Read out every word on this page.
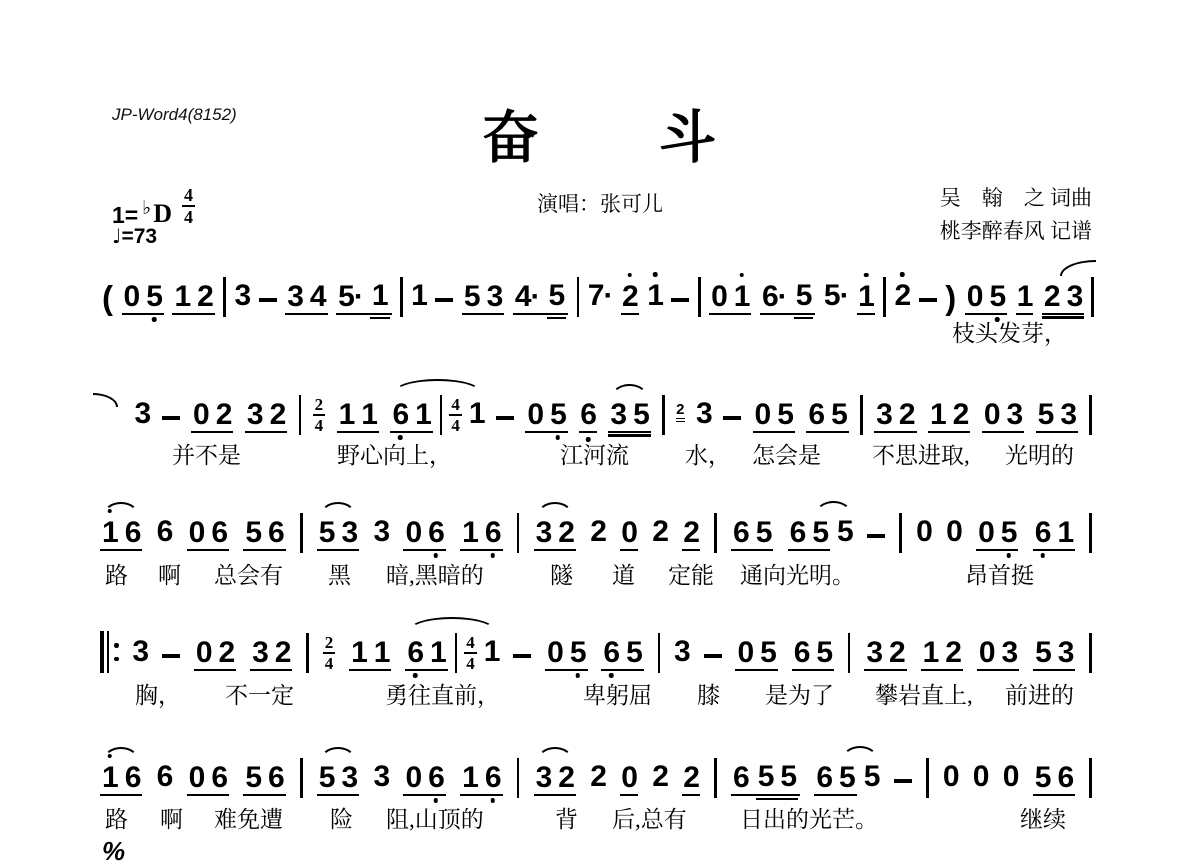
JP-Word4(8152)	奋　　斗
演唱：张可儿	吴　翰　之 词曲
桃李醉春风 记谱
1= ♭ D $\frac{4}{4}$
♩=73
( 0 5 1 2 3 3 4 5· 1 1 5 3 4· 5 7· 2 1 0 1 6· 5 5· 1 2 ) 0 5 1 2 3
枝头发芽，
3 0 2 3 $2 \frac{2}{4} 1$ 1 6 $1 \frac{4}{4} 1$ 0 5 6 3 5 2 3 0 5 6 5 3 2 1 2 0 3 5 3
并不是	野心向上，	江河流 水， 怎会是 不思进取, 光明的
1 6 6 0 6 5 6 5 3 3 0 6 1 6 3 2 2 0 2 2 6 5 6 5 5 0 0 0 5 6 1
路 啊 总会有 黑 暗,黑暗的	隧 道 定能 通向光明。	昂首挺
3 0 2 3 $2 \frac{2}{4} 1$ 1 6 $1 \frac{4}{4} 1$ 0 5 6 5 3 0 5 6 5 3 2 1 2 0 3 5 3
胸， 不一定	勇往直前，	卑躬屈 膝 是为了 攀岩直上, 前进的
1 6 6 0 6 5 6 5 3 3 0 6 1 6 3 2 2 0 2 2 6 5 5 6 5 5 0 0 0 5 6
路 啊 难免遭 险 阻,山顶的	背 后,总有 日出的光芒。	继续
%
